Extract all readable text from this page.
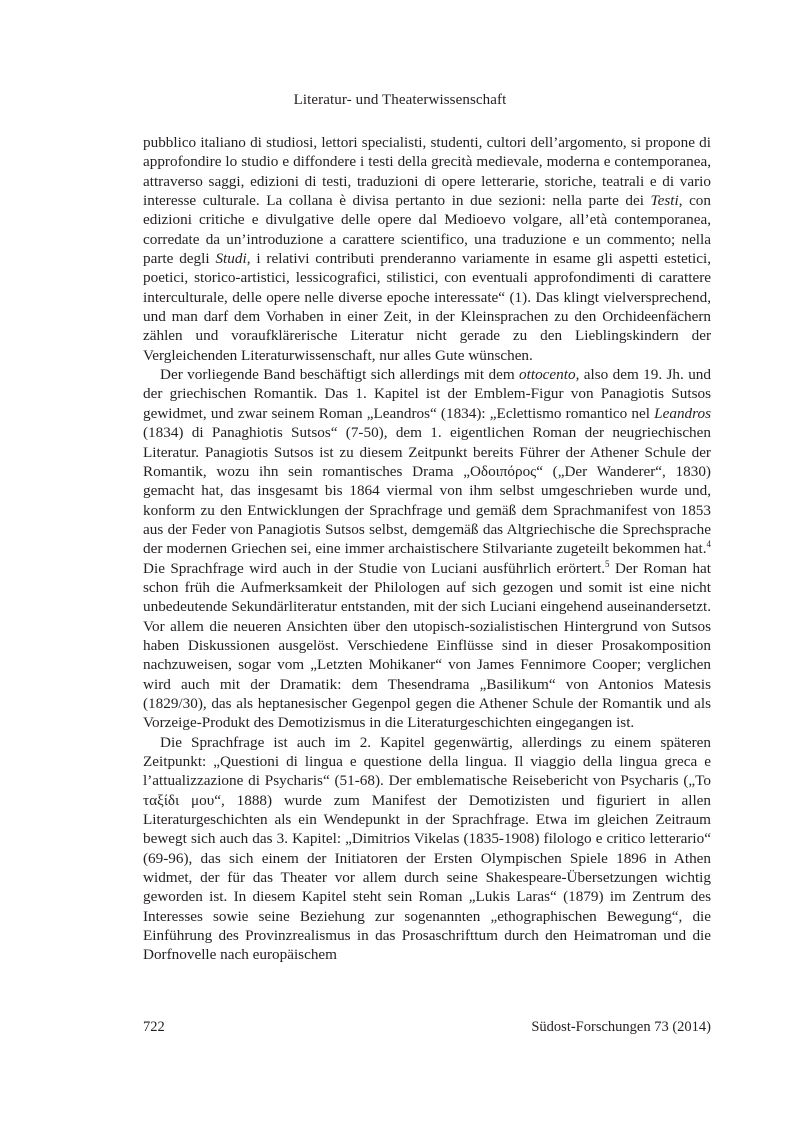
Literatur- und Theaterwissenschaft

pubblico italiano di studiosi, lettori specialisti, studenti, cultori dell’argomento, si propone di approfondire lo studio e diffondere i testi della grecità medievale, moderna e contemporanea, attraverso saggi, edizioni di testi, traduzioni di opere letterarie, storiche, teatrali e di vario interesse culturale. La collana è divisa pertanto in due sezioni: nella parte dei Testi, con edizioni critiche e divulgative delle opere dal Medioevo volgare, all’età contemporanea, corredate da un’introduzione a carattere scientifico, una traduzione e un commento; nella parte degli Studi, i relativi contributi prenderanno variamente in esame gli aspetti estetici, poetici, storico-artistici, lessicografici, stilistici, con eventuali approfondimenti di carattere interculturale, delle opere nelle diverse epoche interessate“ (1). Das klingt vielversprechend, und man darf dem Vorhaben in einer Zeit, in der Kleinsprachen zu den Orchideenfächern zählen und voraufklärerische Literatur nicht gerade zu den Lieblingskindern der Vergleichenden Literaturwissenschaft, nur alles Gute wünschen.

Der vorliegende Band beschäftigt sich allerdings mit dem ottocento, also dem 19. Jh. und der griechischen Romantik. Das 1. Kapitel ist der Emblem-Figur von Panagiotis Sutsos gewidmet, und zwar seinem Roman „Leandros“ (1834): „Eclettismo romantico nel Leandros (1834) di Panaghiotis Sutsos“ (7-50), dem 1. eigentlichen Roman der neugriechischen Literatur. Panagiotis Sutsos ist zu diesem Zeitpunkt bereits Führer der Athener Schule der Romantik, wozu ihn sein romantisches Drama „Οδοιπόρος“ („Der Wanderer“, 1830) gemacht hat, das insgesamt bis 1864 viermal von ihm selbst umgeschrieben wurde und, konform zu den Entwicklungen der Sprachfrage und gemäß dem Sprachmanifest von 1853 aus der Feder von Panagiotis Sutsos selbst, demgemäß das Altgriechische die Sprechsprache der modernen Griechen sei, eine immer archaistischere Stilvariante zugeteilt bekommen hat.$^4$ Die Sprachfrage wird auch in der Studie von Luciani ausführlich erörtert.$^5$ Der Roman hat schon früh die Aufmerksamkeit der Philologen auf sich gezogen und somit ist eine nicht unbedeutende Sekundärliteratur entstanden, mit der sich Luciani eingehend auseinandersetzt. Vor allem die neueren Ansichten über den utopisch-sozialistischen Hintergrund von Sutsos haben Diskussionen ausgelöst. Verschiedene Einflüsse sind in dieser Prosakomposition nachzuweisen, sogar vom „Letzten Mohikaner“ von James Fennimore Cooper; verglichen wird auch mit der Dramatik: dem Thesendrama „Basilikum“ von Antonios Matesis (1829/30), das als heptanesischer Gegenpol gegen die Athener Schule der Romantik und als Vorzeige-Produkt des Demotizismus in die Literaturgeschichten eingegangen ist.

Die Sprachfrage ist auch im 2. Kapitel gegenwärtig, allerdings zu einem späteren Zeitpunkt: „Questioni di lingua e questione della lingua. Il viaggio della lingua greca e l’attualizzazione di Psycharis“ (51-68). Der emblematische Reisebericht von Psycharis („Το ταξίδι μου“, 1888) wurde zum Manifest der Demotizisten und figuriert in allen Literaturgeschichten als ein Wendepunkt in der Sprachfrage. Etwa im gleichen Zeitraum bewegt sich auch das 3. Kapitel: „Dimitrios Vikelas (1835-1908) filologo e critico letterario“ (69-96), das sich einem der Initiatoren der Ersten Olympischen Spiele 1896 in Athen widmet, der für das Theater vor allem durch seine Shakespeare-Übersetzungen wichtig geworden ist. In diesem Kapitel steht sein Roman „Lukis Laras“ (1879) im Zentrum des Interesses sowie seine Beziehung zur sogenannten „ethographischen Bewegung“, die Einführung des Provinzrealismus in das Prosaschrifttum durch den Heimatroman und die Dorfnovelle nach europäischem

722	Südost-Forschungen 73 (2014)
